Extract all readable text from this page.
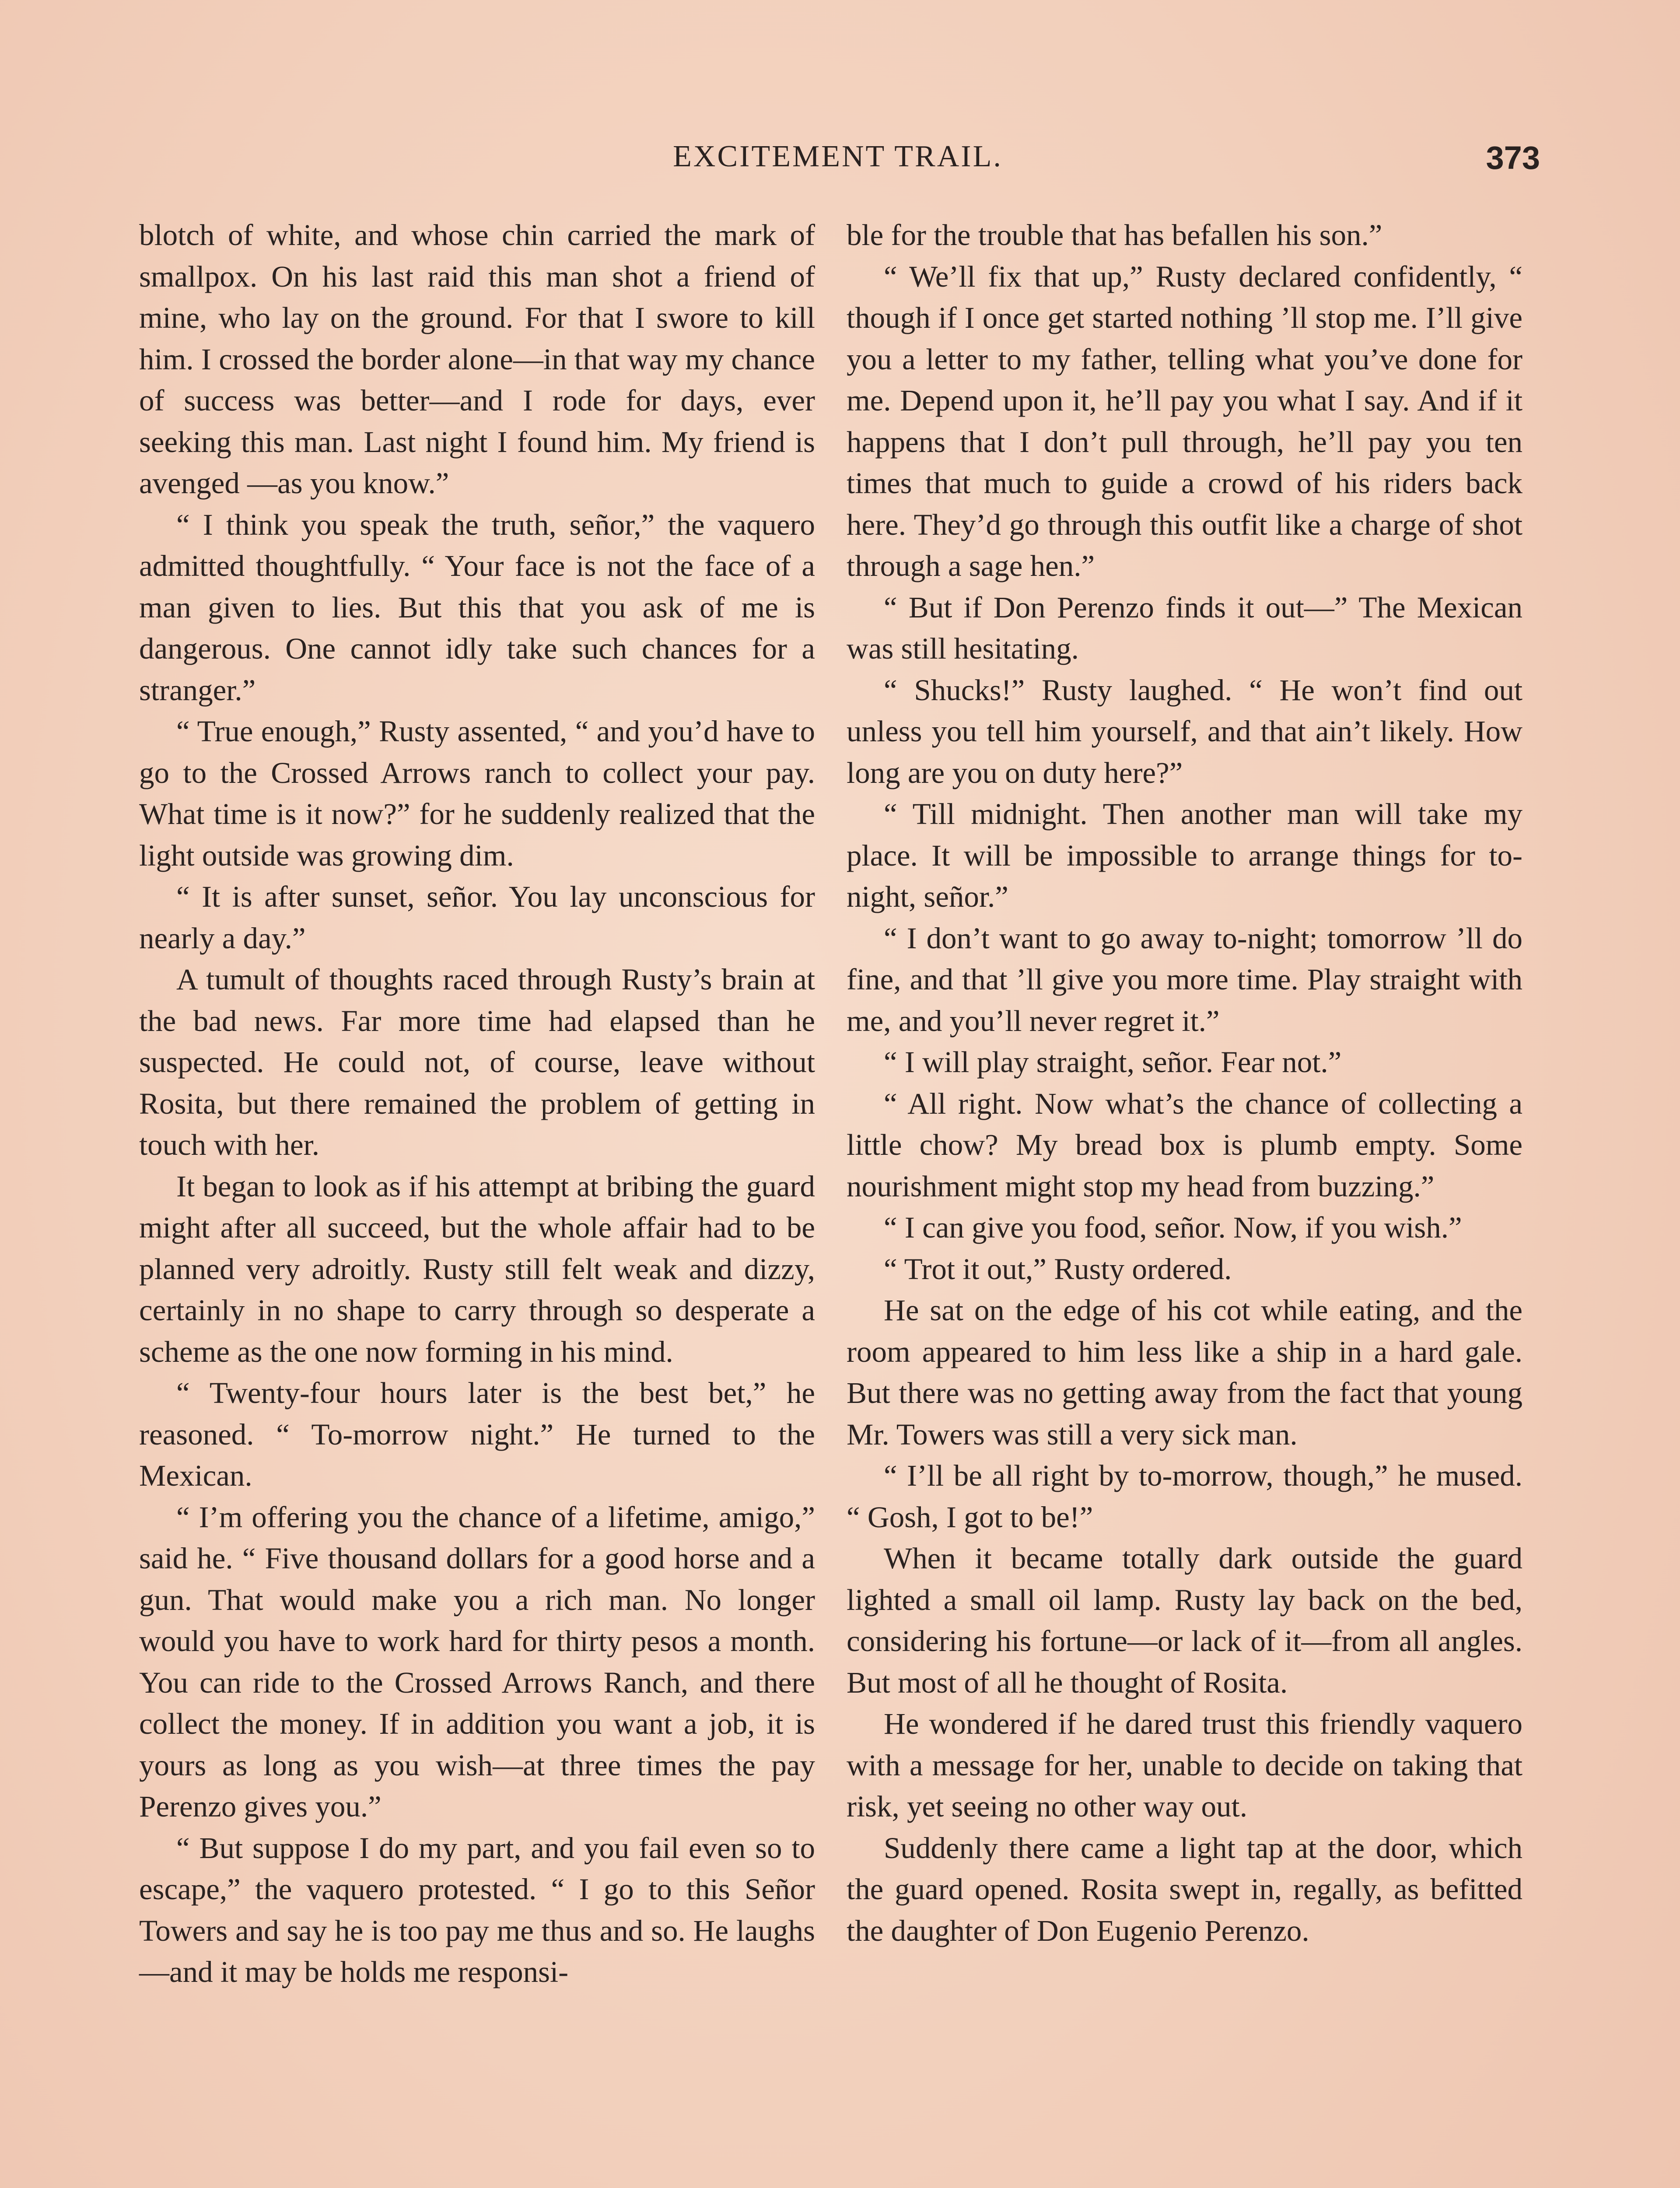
EXCITEMENT TRAIL.	373

blotch of white, and whose chin carried the mark of smallpox. On his last raid this man shot a friend of mine, who lay on the ground. For that I swore to kill him. I crossed the border alone—in that way my chance of success was better—and I rode for days, ever seeking this man. Last night I found him. My friend is avenged —as you know.”

“ I think you speak the truth, señor,” the vaquero admitted thoughtfully. “ Your face is not the face of a man given to lies. But this that you ask of me is dangerous. One cannot idly take such chances for a stranger.”

“ True enough,” Rusty assented, “ and you’d have to go to the Crossed Arrows ranch to collect your pay. What time is it now?” for he suddenly realized that the light outside was growing dim.

“ It is after sunset, señor. You lay unconscious for nearly a day.”

A tumult of thoughts raced through Rusty’s brain at the bad news. Far more time had elapsed than he suspected. He could not, of course, leave without Rosita, but there remained the problem of getting in touch with her.

It began to look as if his attempt at bribing the guard might after all succeed, but the whole affair had to be planned very adroitly. Rusty still felt weak and dizzy, certainly in no shape to carry through so desperate a scheme as the one now forming in his mind.

“ Twenty-four hours later is the best bet,” he reasoned. “ To-morrow night.” He turned to the Mexican.

“ I’m offering you the chance of a lifetime, amigo,” said he. “ Five thousand dollars for a good horse and a gun. That would make you a rich man. No longer would you have to work hard for thirty pesos a month. You can ride to the Crossed Arrows Ranch, and there collect the money. If in addition you want a job, it is yours as long as you wish—at three times the pay Perenzo gives you.”

“ But suppose I do my part, and you fail even so to escape,” the vaquero protested. “ I go to this Señor Towers and say he is too pay me thus and so. He laughs—and it may be holds me responsi-

ble for the trouble that has befallen his son.”

“ We’ll fix that up,” Rusty declared confidently, “ though if I once get started nothing ’ll stop me. I’ll give you a letter to my father, telling what you’ve done for me. Depend upon it, he’ll pay you what I say. And if it happens that I don’t pull through, he’ll pay you ten times that much to guide a crowd of his riders back here. They’d go through this outfit like a charge of shot through a sage hen.”

“ But if Don Perenzo finds it out—” The Mexican was still hesitating.

“ Shucks!” Rusty laughed. “ He won’t find out unless you tell him yourself, and that ain’t likely. How long are you on duty here?”

“ Till midnight. Then another man will take my place. It will be impossible to arrange things for to-night, señor.”

“ I don’t want to go away to-night; tomorrow ’ll do fine, and that ’ll give you more time. Play straight with me, and you’ll never regret it.”

“ I will play straight, señor. Fear not.”

“ All right. Now what’s the chance of collecting a little chow? My bread box is plumb empty. Some nourishment might stop my head from buzzing.”

“ I can give you food, señor. Now, if you wish.”

“ Trot it out,” Rusty ordered.

He sat on the edge of his cot while eating, and the room appeared to him less like a ship in a hard gale. But there was no getting away from the fact that young Mr. Towers was still a very sick man.

“ I’ll be all right by to-morrow, though,” he mused. “ Gosh, I got to be!”

When it became totally dark outside the guard lighted a small oil lamp. Rusty lay back on the bed, considering his fortune—or lack of it—from all angles. But most of all he thought of Rosita.

He wondered if he dared trust this friendly vaquero with a message for her, unable to decide on taking that risk, yet seeing no other way out.

Suddenly there came a light tap at the door, which the guard opened. Rosita swept in, regally, as befitted the daughter of Don Eugenio Perenzo.
